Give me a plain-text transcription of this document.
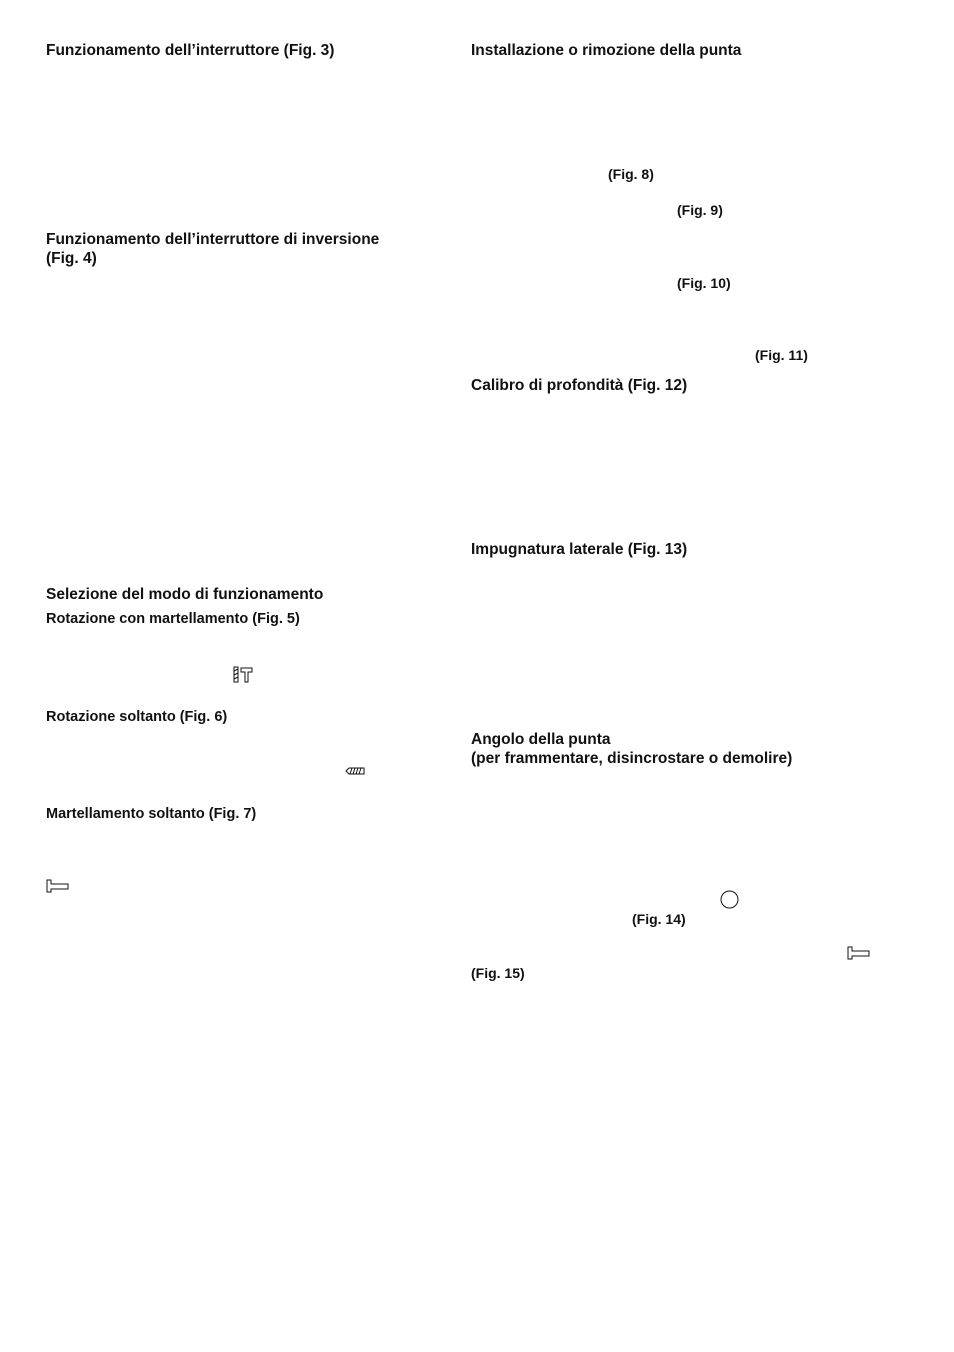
Funzionamento dell’interruttore (Fig. 3)
Funzionamento dell’interruttore di inversione
(Fig. 4)
Selezione del modo di funzionamento
Rotazione con martellamento (Fig. 5)
Rotazione soltanto (Fig. 6)
Martellamento soltanto (Fig. 7)
Installazione o rimozione della punta
(Fig. 8)
(Fig. 9)
(Fig. 10)
(Fig. 11)
Calibro di profondità (Fig. 12)
Impugnatura laterale (Fig. 13)
Angolo della punta
(per frammentare, disincrostare o demolire)
(Fig. 14)
(Fig. 15)
